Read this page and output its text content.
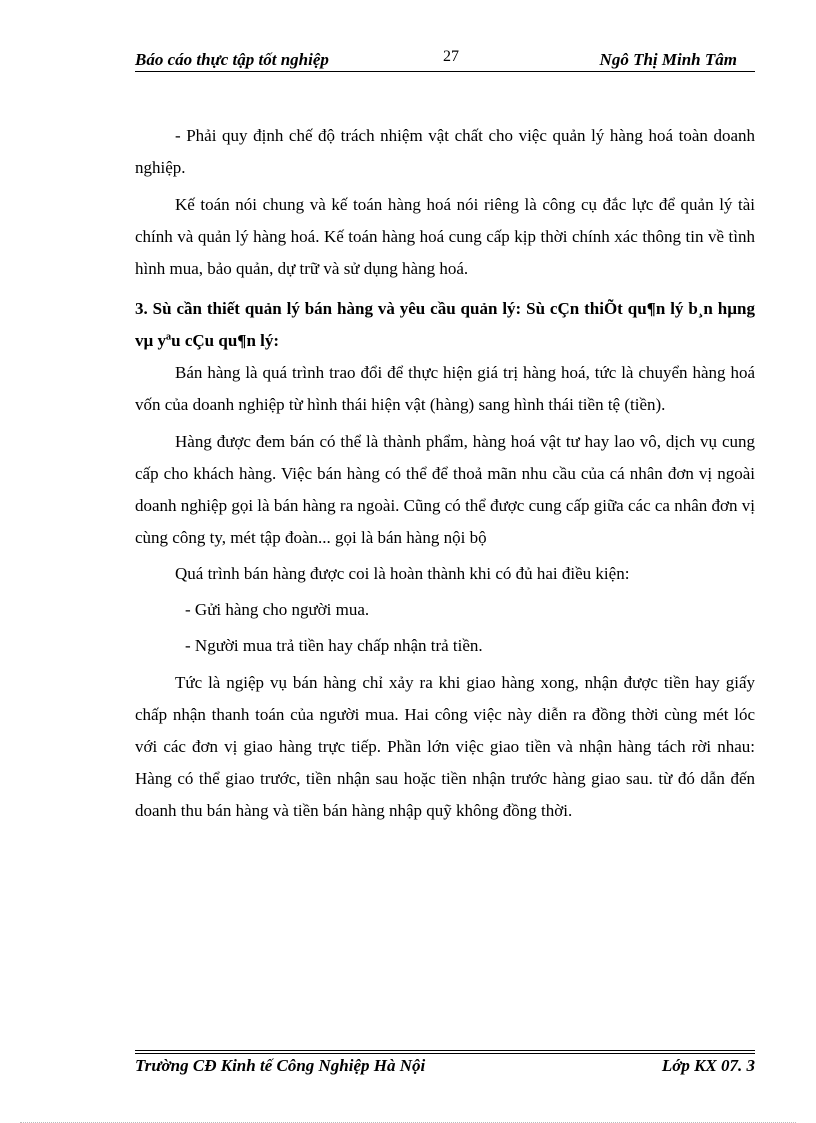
Báo cáo thực tập tốt nghiệp	27	Ngô Thị Minh Tâm

- Phải quy định chế độ trách nhiệm vật chất cho việc quản lý hàng hoá toàn doanh nghiệp.

Kế toán nói chung và kế toán hàng hoá nói riêng là công cụ đắc lực để quản lý tài chính và quản lý hàng hoá. Kế toán hàng hoá cung cấp kịp thời chính xác thông tin về tình hình mua, bảo quản, dự trữ và sử dụng hàng hoá.

3. Sù cần thiết quản lý bán hàng và yêu cầu quản lý: Sù cÇn thiÕt qu¶n lý b¸n hµng vµ yªu cÇu qu¶n lý:

Bán hàng là quá trình trao đổi để thực hiện giá trị hàng hoá, tức là chuyển hàng hoá vốn của doanh nghiệp từ hình thái hiện vật (hàng) sang hình thái tiền tệ (tiền).

Hàng được đem bán có thể là thành phẩm, hàng hoá vật tư hay lao vô, dịch vụ cung cấp cho khách hàng. Việc bán hàng có thể để thoả mãn nhu cầu của cá nhân đơn vị ngoài doanh nghiệp gọi là bán hàng ra ngoài. Cũng có thể được cung cấp giữa các ca nhân đơn vị cùng công ty, mét tập đoàn... gọi là bán hàng nội bộ

Quá trình bán hàng được coi là hoàn thành khi có đủ hai điều kiện:

- Gửi hàng cho người mua.

- Người mua trả tiền hay chấp nhận trả tiền.

Tức là ngiệp vụ bán hàng chỉ xảy ra khi giao hàng xong, nhận được tiền hay giấy chấp nhận thanh toán của người mua. Hai công việc này diễn ra đồng thời cùng mét lóc với các đơn vị giao hàng trực tiếp. Phần lớn việc giao tiền và nhận hàng tách rời nhau: Hàng có thể giao trước, tiền nhận sau hoặc tiền nhận trước hàng giao sau. từ đó dẫn đến doanh thu bán hàng và tiền bán hàng nhập quỹ không đồng thời.

Trường CĐ Kinh tế Công Nghiệp Hà Nội	Lớp KX 07. 3
